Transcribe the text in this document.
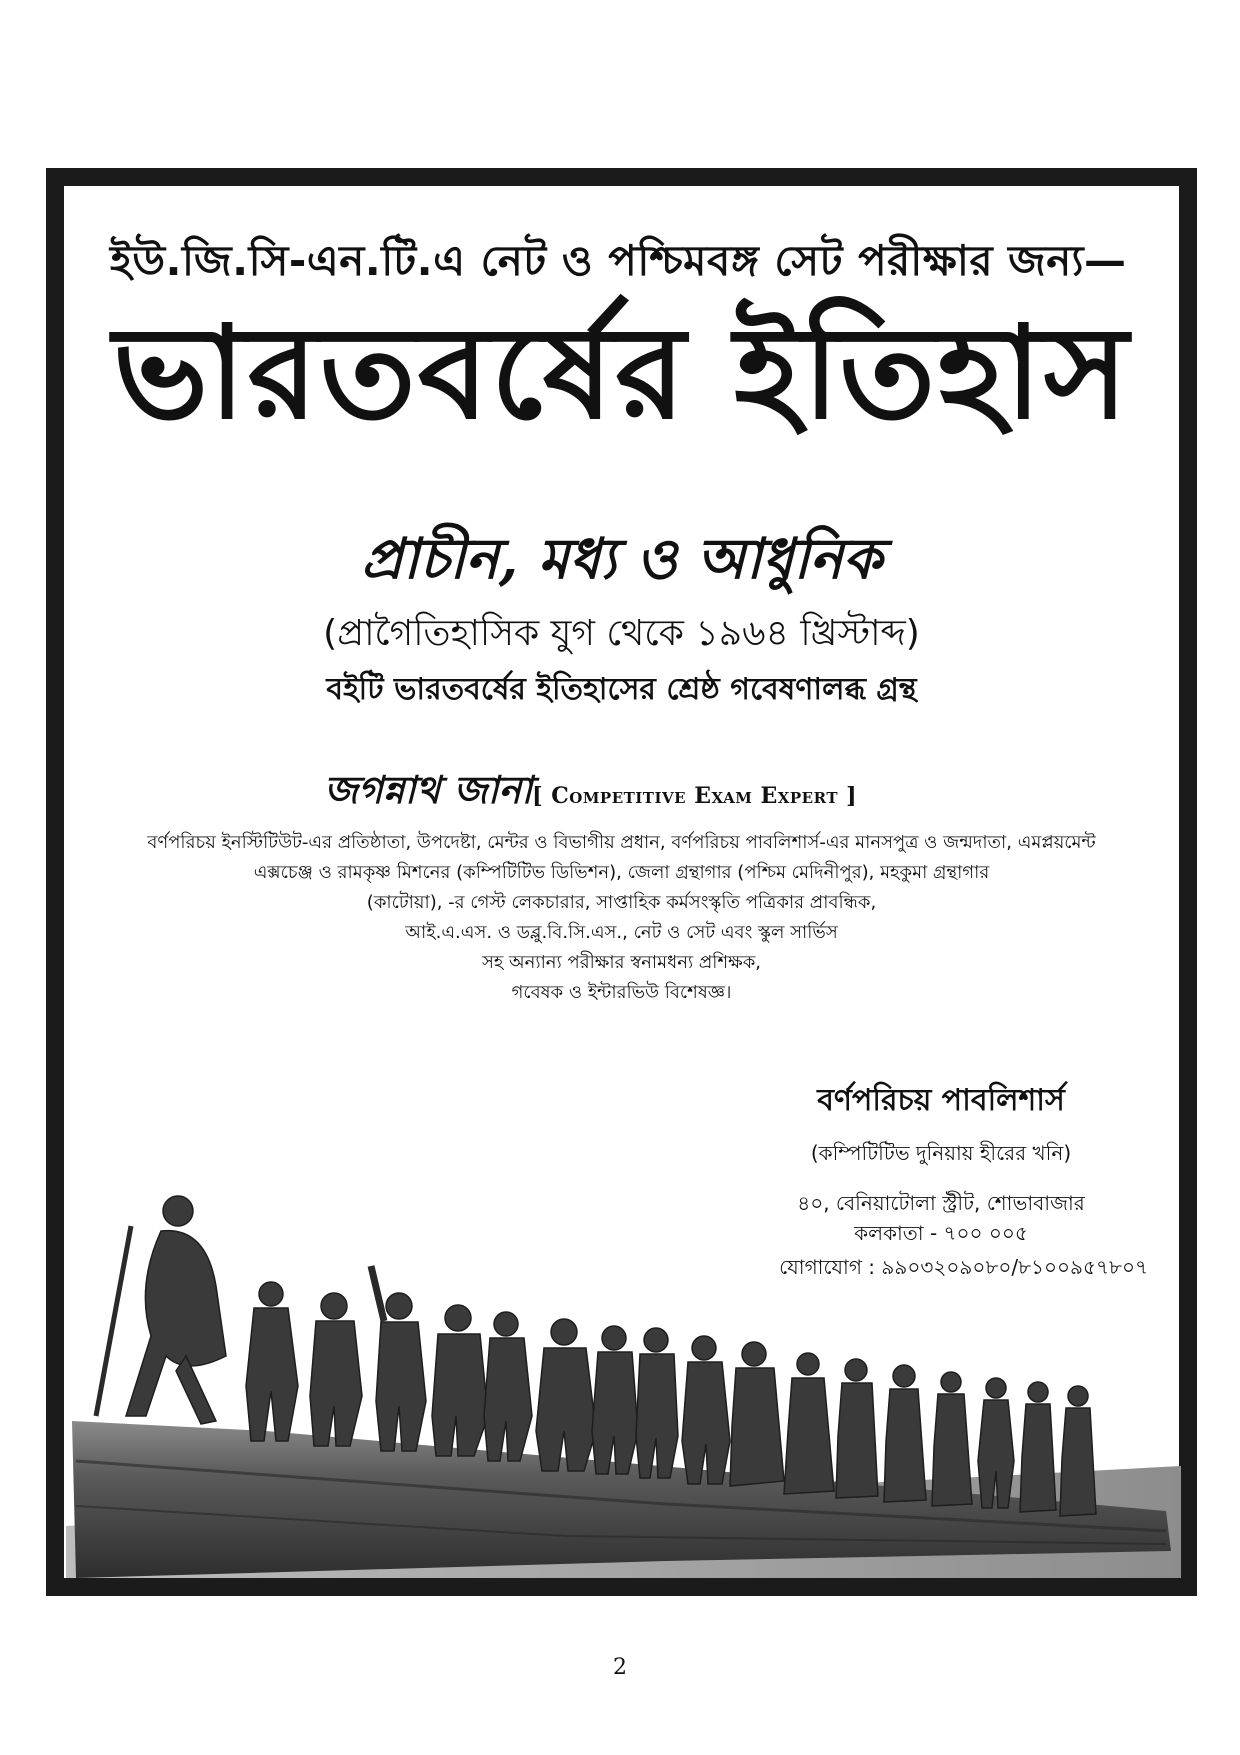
ইউ.জি.সি-এন.টি.এ নেট ও পশ্চিমবঙ্গ সেট পরীক্ষার জন্য—
ভারতবর্ষের ইতিহাস
প্রাচীন, মধ্য ও আধুনিক
(প্রাগৈতিহাসিক যুগ থেকে ১৯৬৪ খ্রিস্টাব্দ)
বইটি ভারতবর্ষের ইতিহাসের শ্রেষ্ঠ গবেষণালব্ধ গ্রন্থ
জগন্নাথ জানা[ Competitive Exam Expert ]
বর্ণপরিচয় ইনস্টিটিউট-এর প্রতিষ্ঠাতা, উপদেষ্টা, মেন্টর ও বিভাগীয় প্রধান, বর্ণপরিচয় পাবলিশার্স-এর মানসপুত্র ও জন্মদাতা, এমপ্লয়মেন্ট
এক্সচেঞ্জ ও রামকৃষ্ণ মিশনের (কম্পিটিটিভ ডিভিশন), জেলা গ্রন্থাগার (পশ্চিম মেদিনীপুর), মহকুমা গ্রন্থাগার
(কাটোয়া), -র গেস্ট লেকচারার, সাপ্তাহিক কর্মসংস্কৃতি পত্রিকার প্রাবন্ধিক,
আই.এ.এস. ও ডব্লু.বি.সি.এস., নেট ও সেট এবং স্কুল সার্ভিস
সহ অন্যান্য পরীক্ষার স্বনামধন্য প্রশিক্ষক,
গবেষক ও ইন্টারভিউ বিশেষজ্ঞ।
বর্ণপরিচয় পাবলিশার্স
(কম্পিটিটিভ দুনিয়ায় হীরের খনি)
৪০, বেনিয়াটোলা স্ট্রীট, শোভাবাজার
কলকাতা - ৭০০ ০০৫
যোগাযোগ : ৯৯০৩২০৯০৮০/৮১০০৯৫৭৮০৭
2
